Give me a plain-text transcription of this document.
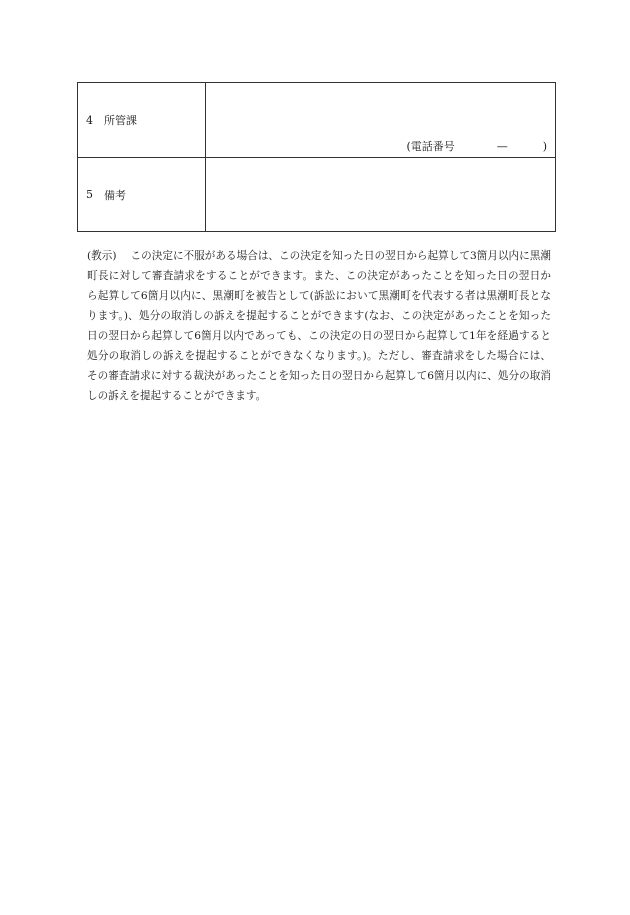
4 所管課	(電話番号 — )

5 備考	

(教示) この決定に不服がある場合は、この決定を知った日の翌日から起算して3箇月以内に黒潮町長に対して審査請求をすることができます。また、この決定があったことを知った日の翌日から起算して6箇月以内に、黒潮町を被告として(訴訟において黒潮町を代表する者は黒潮町長となります。)、処分の取消しの訴えを提起することができます(なお、この決定があったことを知った日の翌日から起算して6箇月以内であっても、この決定の日の翌日から起算して1年を経過すると処分の取消しの訴えを提起することができなくなります。)。ただし、審査請求をした場合には、その審査請求に対する裁決があったことを知った日の翌日から起算して6箇月以内に、処分の取消しの訴えを提起することができます。
